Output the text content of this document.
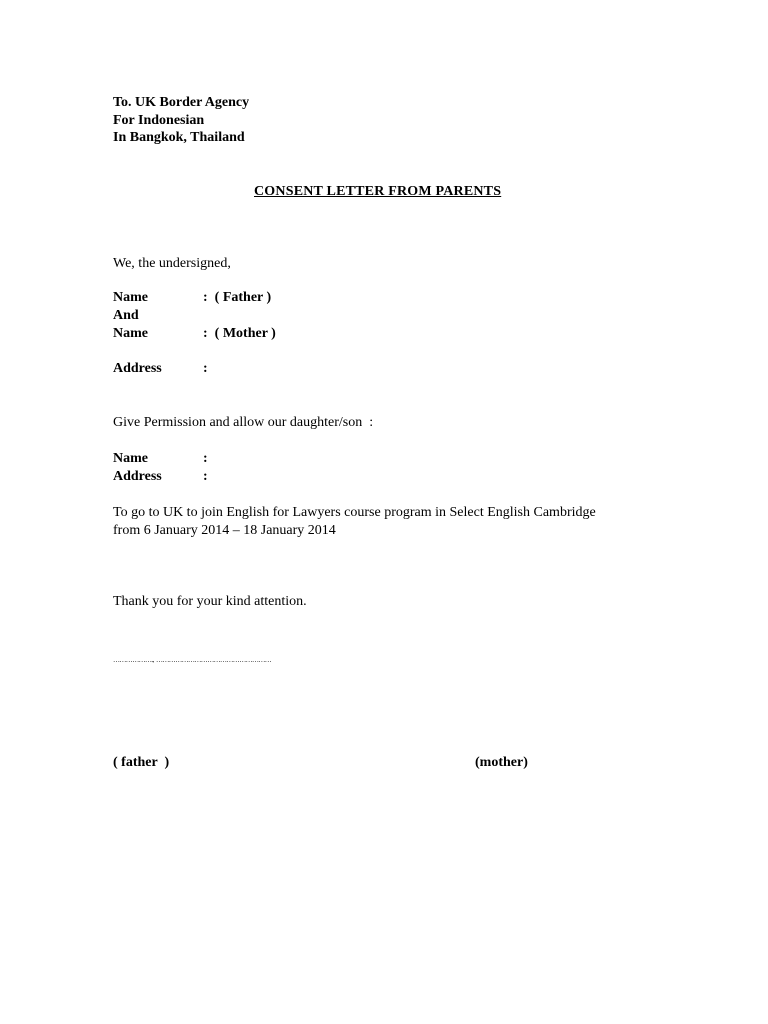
To. UK Border Agency
For Indonesian
In Bangkok, Thailand
CONSENT LETTER FROM PARENTS
We, the undersigned,
Name	:  ( Father )
And
Name	:  ( Mother )
Address	:
Give Permission and allow our daughter/son  :
Name	:
Address	:
To go to UK to join English for Lawyers course program in Select English Cambridge
from 6 January 2014 – 18 January 2014
Thank you for your kind attention.
……………….,  ………………………………………………
( father  )	(mother)
